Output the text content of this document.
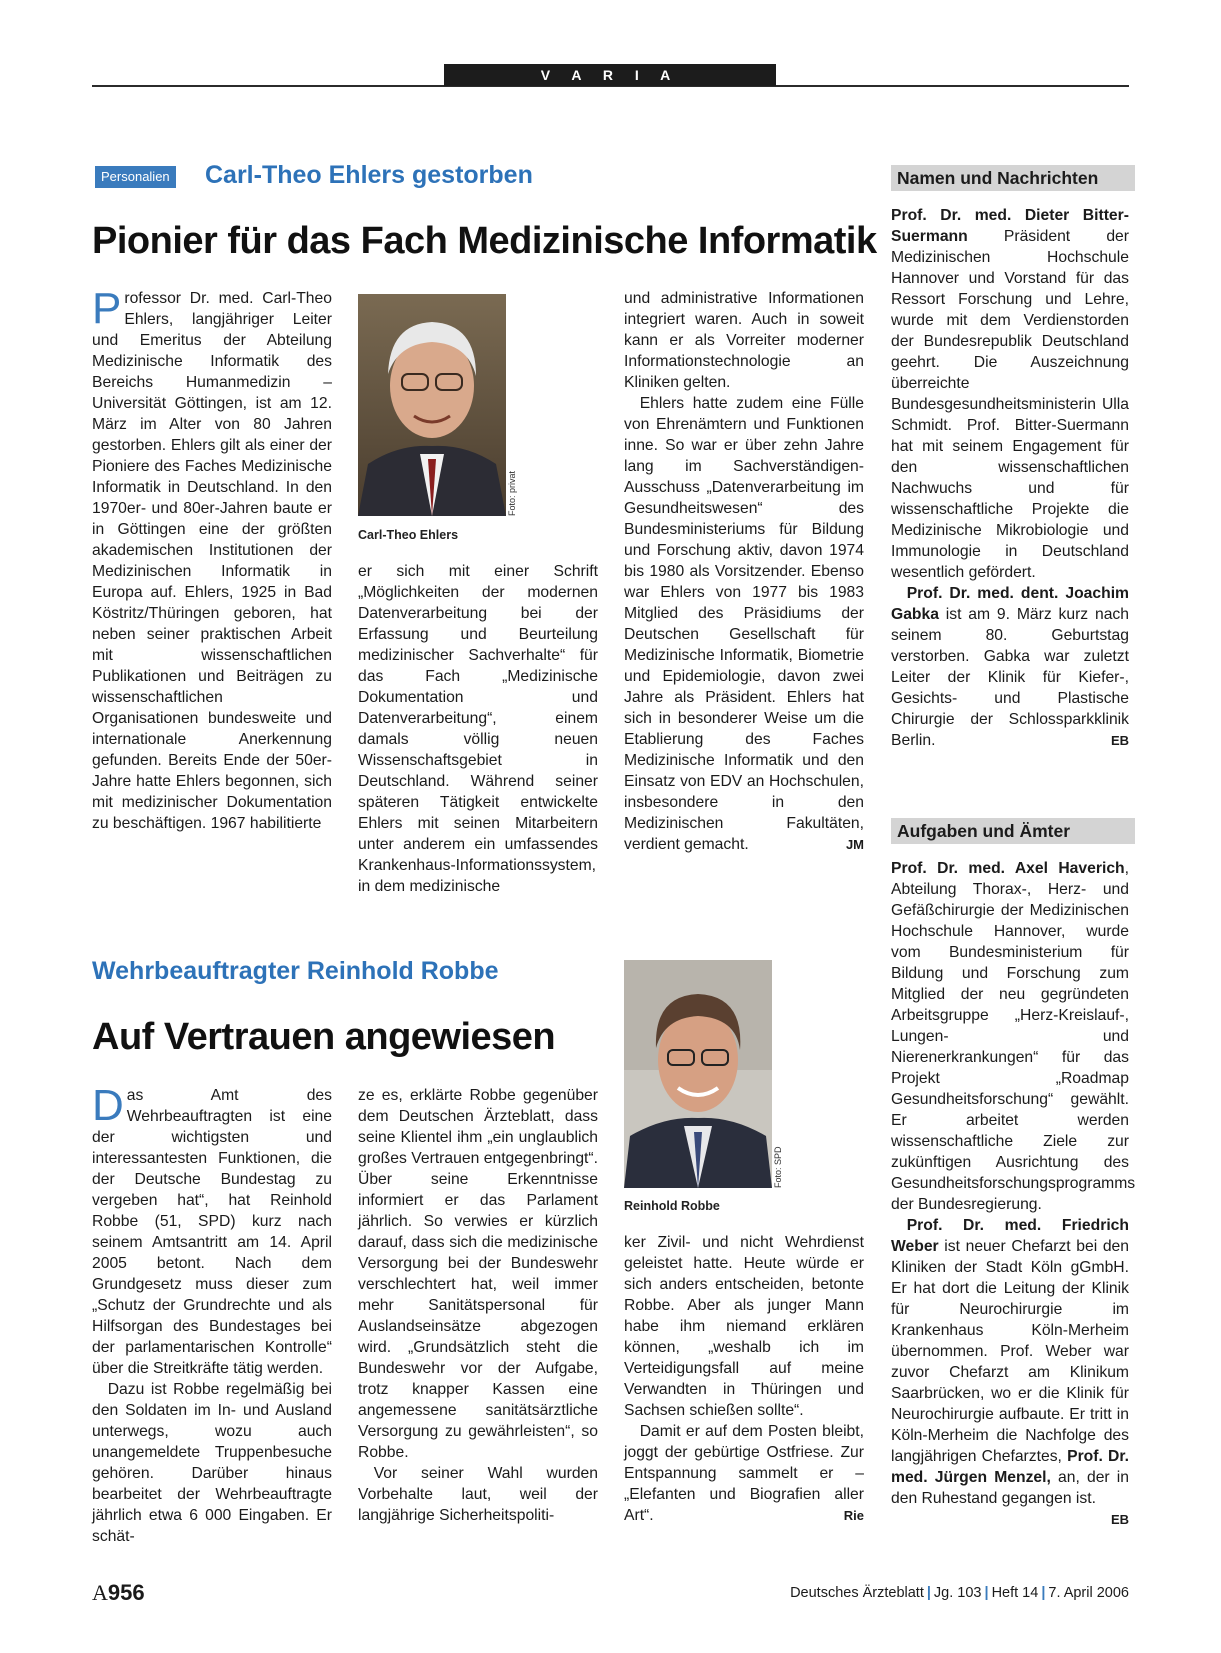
V A R I A
Personalien Carl-Theo Ehlers gestorben
Pionier für das Fach Medizinische Informatik

Professor Dr. med. Carl-Theo Ehlers, langjähriger Leiter und Emeritus der Abteilung Medizinische Informatik des Bereichs Humanmedizin – Universität Göttingen, ist am 12. März im Alter von 80 Jahren gestorben. Ehlers gilt als einer der Pioniere des Faches Medizinische Informatik in Deutschland. In den 1970er- und 80er-Jahren baute er in Göttingen eine der größten akademischen Institutionen der Medizinischen Informatik in Europa auf. Ehlers, 1925 in Bad Köstritz/Thüringen geboren, hat neben seiner praktischen Arbeit mit wissenschaftlichen Publikationen und Beiträgen zu wissenschaftlichen Organisationen bundesweite und internationale Anerkennung gefunden. Bereits Ende der 50er-Jahre hatte Ehlers begonnen, sich mit medizinischer Dokumentation zu beschäftigen. 1967 habilitierte

Foto: privat
Carl-Theo Ehlers

er sich mit einer Schrift „Möglichkeiten der modernen Datenverarbeitung bei der Erfassung und Beurteilung medizinischer Sachverhalte“ für das Fach „Medizinische Dokumentation und Datenverarbeitung“, einem damals völlig neuen Wissenschaftsgebiet in Deutschland. Während seiner späteren Tätigkeit entwickelte Ehlers mit seinen Mitarbeitern unter anderem ein umfassendes Krankenhaus-Informationssystem, in dem medizinische

und administrative Informationen integriert waren. Auch in soweit kann er als Vorreiter moderner Informationstechnologie an Kliniken gelten.

Ehlers hatte zudem eine Fülle von Ehrenämtern und Funktionen inne. So war er über zehn Jahre lang im Sachverständigen-Ausschuss „Datenverarbeitung im Gesundheitswesen“ des Bundesministeriums für Bildung und Forschung aktiv, davon 1974 bis 1980 als Vorsitzender. Ebenso war Ehlers von 1977 bis 1983 Mitglied des Präsidiums der Deutschen Gesellschaft für Medizinische Informatik, Biometrie und Epidemiologie, davon zwei Jahre als Präsident. Ehlers hat sich in besonderer Weise um die Etablierung des Faches Medizinische Informatik und den Einsatz von EDV an Hochschulen, insbesondere in den Medizinischen Fakultäten, verdient gemacht.	JM

Wehrbeauftragter Reinhold Robbe
Auf Vertrauen angewiesen

Das Amt des Wehrbeauftragten ist eine der wichtigsten und interessantesten Funktionen, die der Deutsche Bundestag zu vergeben hat“, hat Reinhold Robbe (51, SPD) kurz nach seinem Amtsantritt am 14. April 2005 betont. Nach dem Grundgesetz muss dieser zum „Schutz der Grundrechte und als Hilfsorgan des Bundestages bei der parlamentarischen Kontrolle“ über die Streitkräfte tätig werden.

Dazu ist Robbe regelmäßig bei den Soldaten im In- und Ausland unterwegs, wozu auch unangemeldete Truppenbesuche gehören. Darüber hinaus bearbeitet der Wehrbeauftragte jährlich etwa 6 000 Eingaben. Er schät-

ze es, erklärte Robbe gegenüber dem Deutschen Ärzteblatt, dass seine Klientel ihm „ein unglaublich großes Vertrauen entgegenbringt“. Über seine Erkenntnisse informiert er das Parlament jährlich. So verwies er kürzlich darauf, dass sich die medizinische Versorgung bei der Bundeswehr verschlechtert hat, weil immer mehr Sanitätspersonal für Auslandseinsätze abgezogen wird. „Grundsätzlich steht die Bundeswehr vor der Aufgabe, trotz knapper Kassen eine angemessene sanitätsärztliche Versorgung zu gewährleisten“, so Robbe.

Vor seiner Wahl wurden Vorbehalte laut, weil der langjährige Sicherheitspoliti-

Foto: SPD
Reinhold Robbe

ker Zivil- und nicht Wehrdienst geleistet hatte. Heute würde er sich anders entscheiden, betonte Robbe. Aber als junger Mann habe ihm niemand erklären können, „weshalb ich im Verteidigungsfall auf meine Verwandten in Thüringen und Sachsen schießen sollte“.

Damit er auf dem Posten bleibt, joggt der gebürtige Ostfriese. Zur Entspannung sammelt er – „Elefanten und Biografien aller Art“.	Rie

Namen und Nachrichten

Prof. Dr. med. Dieter Bitter-Suermann Präsident der Medizinischen Hochschule Hannover und Vorstand für das Ressort Forschung und Lehre, wurde mit dem Verdienstorden der Bundesrepublik Deutschland geehrt. Die Auszeichnung überreichte Bundesgesundheitsministerin Ulla Schmidt. Prof. Bitter-Suermann hat mit seinem Engagement für den wissenschaftlichen Nachwuchs und für wissenschaftliche Projekte die Medizinische Mikrobiologie und Immunologie in Deutschland wesentlich gefördert.

Prof. Dr. med. dent. Joachim Gabka ist am 9. März kurz nach seinem 80. Geburtstag verstorben. Gabka war zuletzt Leiter der Klinik für Kiefer-, Gesichts- und Plastische Chirurgie der Schlossparkklinik Berlin.	EB

Aufgaben und Ämter

Prof. Dr. med. Axel Haverich, Abteilung Thorax-, Herz- und Gefäßchirurgie der Medizinischen Hochschule Hannover, wurde vom Bundesministerium für Bildung und Forschung zum Mitglied der neu gegründeten Arbeitsgruppe „Herz-Kreislauf-, Lungen- und Nierenerkrankungen“ für das Projekt „Roadmap Gesundheitsforschung“ gewählt. Er arbeitet werden wissenschaftliche Ziele zur zukünftigen Ausrichtung des Gesundheitsforschungsprogramms der Bundesregierung.

Prof. Dr. med. Friedrich Weber ist neuer Chefarzt bei den Kliniken der Stadt Köln gGmbH. Er hat dort die Leitung der Klinik für Neurochirurgie im Krankenhaus Köln-Merheim übernommen. Prof. Weber war zuvor Chefarzt am Klinikum Saarbrücken, wo er die Klinik für Neurochirurgie aufbaute. Er tritt in Köln-Merheim die Nachfolge des langjährigen Chefarztes, Prof. Dr. med. Jürgen Menzel, an, der in den Ruhestand gegangen ist.
EB

A956	Deutsches Ärzteblatt | Jg. 103 | Heft 14 | 7. April 2006
